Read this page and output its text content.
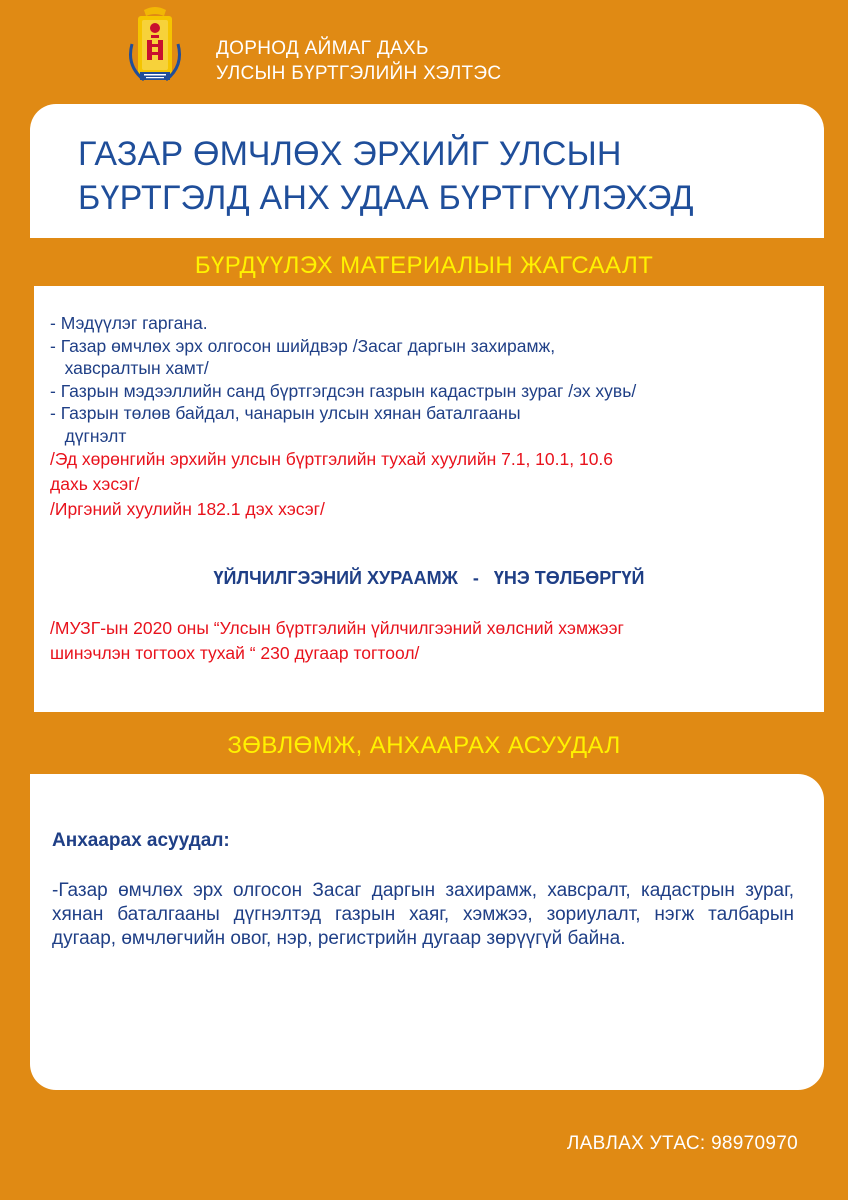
ДОРНОД АЙМАГ ДАХЬ
УЛСЫН БҮРТГЭЛИЙН ХЭЛТЭС
ГАЗАР ӨМЧЛӨХ ЭРХИЙГ УЛСЫН
БҮРТГЭЛД АНХ УДАА БҮРТГҮҮЛЭХЭД
БҮРДҮҮЛЭХ МАТЕРИАЛЫН ЖАГСААЛТ
- Мэдүүлэг гаргана.
- Газар өмчлөх эрх олгосон шийдвэр /Засаг даргын захирамж,
хавсралтын хамт/
- Газрын мэдээллийн санд бүртгэгдсэн газрын кадастрын зураг /эх хувь/
- Газрын төлөв байдал, чанарын улсын хянан баталгааны
дүгнэлт
/Эд хөрөнгийн эрхийн улсын бүртгэлийн тухай хуулийн 7.1, 10.1, 10.6
дахь хэсэг/
/Иргэний хуулийн 182.1 дэх хэсэг/
ҮЙЛЧИЛГЭЭНИЙ ХУРААМЖ - ҮНЭ ТӨЛБӨРГҮЙ
/МУЗГ-ын 2020 оны “Улсын бүртгэлийн үйлчилгээний хөлсний хэмжээг
шинэчлэн тогтоох тухай “ 230 дугаар тогтоол/
ЗӨВЛӨМЖ, АНХААРАХ АСУУДАЛ
Анхаарах асуудал:
-Газар өмчлөх эрх олгосон Засаг даргын захирамж, хавсралт, кадастрын зураг, хянан баталгааны дүгнэлтэд газрын хаяг, хэмжээ, зориулалт, нэгж талбарын дугаар, өмчлөгчийн овог, нэр, регистрийн дугаар зөрүүгүй байна.
ЛАВЛАХ УТАС: 98970970
